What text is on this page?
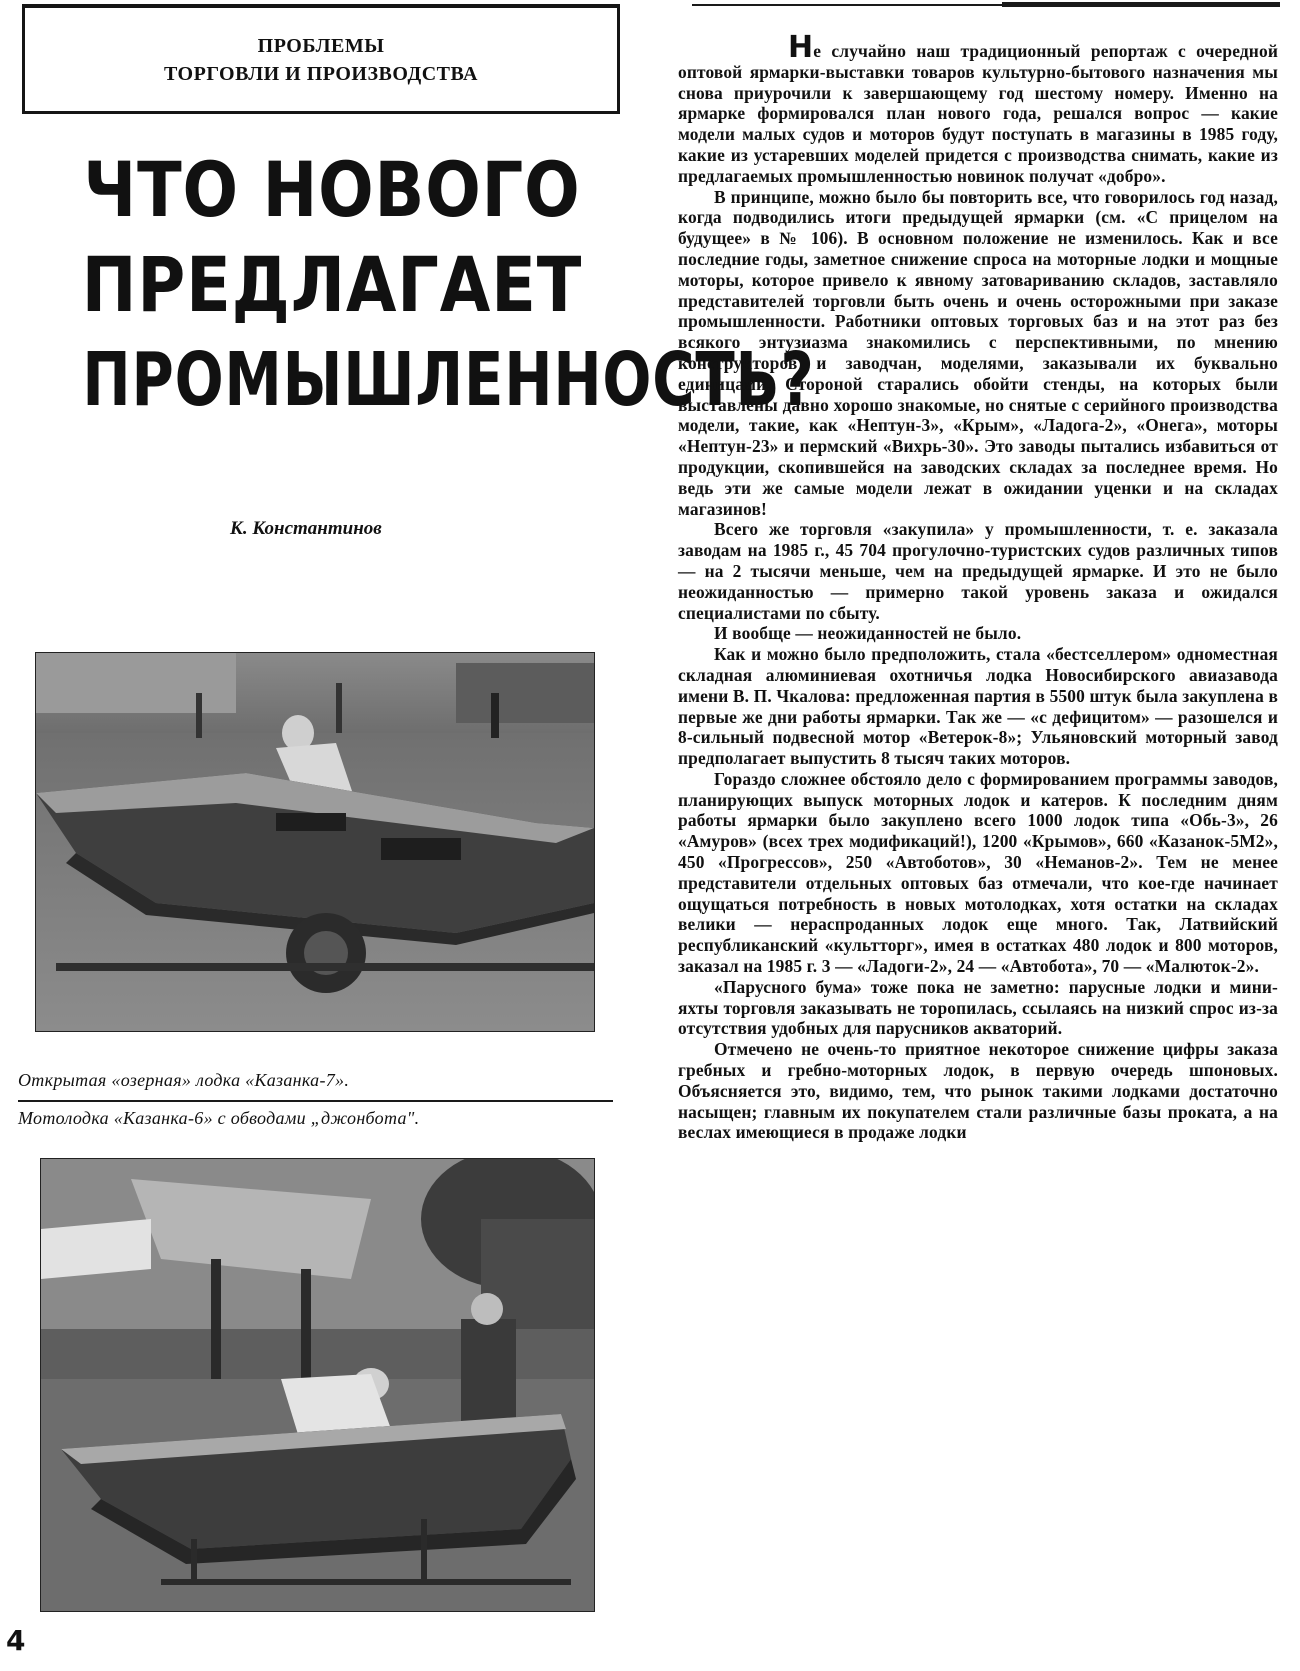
ПРОБЛЕМЫ
ТОРГОВЛИ И ПРОИЗВОДСТВА
ЧТО НОВОГО
ПРЕДЛАГАЕТ
ПРОМЫШЛЕННОСТЬ?
К. Константинов
Открытая «озерная» лодка «Казанка-7».
Мотолодка «Казанка-6» с обводами „джонбота".
4

Не случайно наш традиционный репортаж с очередной оптовой ярмарки-выставки товаров культурно-бытового назначения мы снова приурочили к завершающему год шестому номеру. Именно на ярмарке формировался план нового года, решался вопрос — какие модели малых судов и моторов будут поступать в магазины в 1985 году, какие из устаревших моделей придется с производства снимать, какие из предлагаемых промышленностью новинок получат «добро».

В принципе, можно было бы повторить все, что говорилось год назад, когда подводились итоги предыдущей ярмарки (см. «С прицелом на будущее» в № 106). В основном положение не изменилось. Как и все последние годы, заметное снижение спроса на моторные лодки и мощные моторы, которое привело к явному затовариванию складов, заставляло представителей торговли быть очень и очень осторожными при заказе промышленности. Работники оптовых торговых баз и на этот раз без всякого энтузиазма знакомились с перспективными, по мнению конструкторов и заводчан, моделями, заказывали их буквально единицами. Стороной старались обойти стенды, на которых были выставлены давно хорошо знакомые, но снятые с серийного производства модели, такие, как «Нептун-3», «Крым», «Ладога-2», «Онега», моторы «Нептун-23» и пермский «Вихрь-30». Это заводы пытались избавиться от продукции, скопившейся на заводских складах за последнее время. Но ведь эти же самые модели лежат в ожидании уценки и на складах магазинов!

Всего же торговля «закупила» у промышленности, т. е. заказала заводам на 1985 г., 45 704 прогулочно-туристских судов различных типов — на 2 тысячи меньше, чем на предыдущей ярмарке. И это не было неожиданностью — примерно такой уровень заказа и ожидался специалистами по сбыту.

И вообще — неожиданностей не было.

Как и можно было предположить, стала «бестселлером» одноместная складная алюминиевая охотничья лодка Новосибирского авиазавода имени В. П. Чкалова: предложенная партия в 5500 штук была закуплена в первые же дни работы ярмарки. Так же — «с дефицитом» — разошелся и 8-сильный подвесной мотор «Ветерок-8»; Ульяновский моторный завод предполагает выпустить 8 тысяч таких моторов.

Гораздо сложнее обстояло дело с формированием программы заводов, планирующих выпуск моторных лодок и катеров. К последним дням работы ярмарки было закуплено всего 1000 лодок типа «Обь-3», 26 «Амуров» (всех трех модификаций!), 1200 «Крымов», 660 «Казанок-5М2», 450 «Прогрессов», 250 «Автоботов», 30 «Неманов-2». Тем не менее представители отдельных оптовых баз отмечали, что кое-где начинает ощущаться потребность в новых мотолодках, хотя остатки на складах велики — нераспроданных лодок еще много. Так, Латвийский республиканский «культторг», имея в остатках 480 лодок и 800 моторов, заказал на 1985 г. 3 — «Ладоги-2», 24 — «Автобота», 70 — «Малюток-2».

«Парусного бума» тоже пока не заметно: парусные лодки и мини-яхты торговля заказывать не торопилась, ссылаясь на низкий спрос из-за отсутствия удобных для парусников акваторий.

Отмечено не очень-то приятное некоторое снижение цифры заказа гребных и гребно-моторных лодок, в первую очередь шпоновых. Объясняется это, видимо, тем, что рынок такими лодками достаточно насыщен; главным их покупателем стали различные базы проката, а на веслах имеющиеся в продаже лодки
